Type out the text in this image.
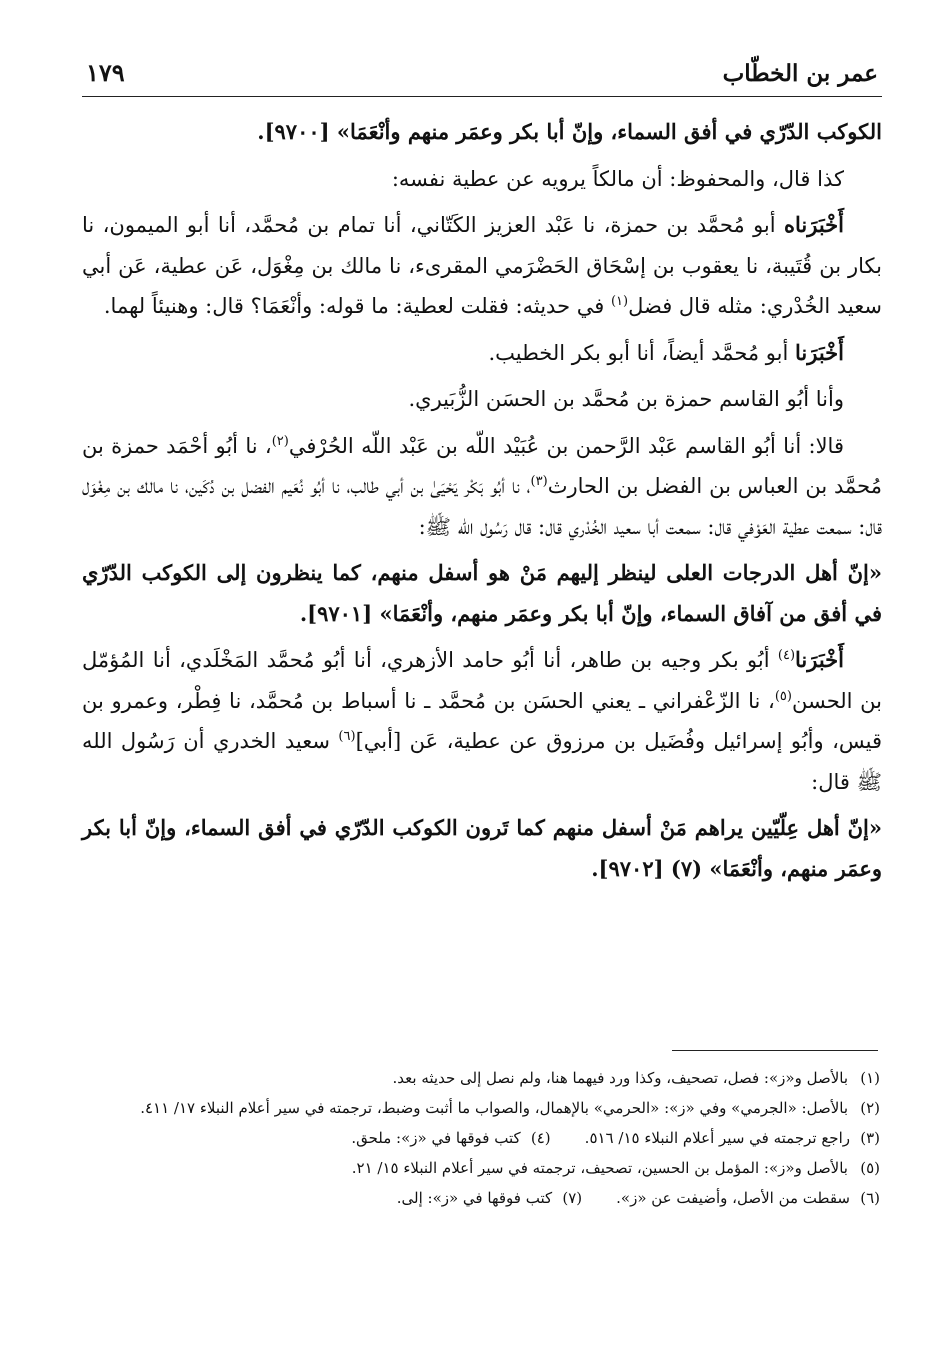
عمر بن الخطّاب
١٧٩

الكوكب الدّرّي في أفق السماء، وإنّ أبا بكر وعمَر منهم وأنْعَمَا» [٩٧٠٠].

كذا قال، والمحفوظ: أن مالكاً يرويه عن عطية نفسه:

أَخْبَرَناه أبو مُحمَّد بن حمزة، نا عَبْد العزيز الكَتّاني، أنا تمام بن مُحمَّد، أنا أبو الميمون، نا بكار بن قُتَيبة، نا يعقوب بن إسْحَاق الحَضْرَمي المقرىء، نا مالك بن مِغْوَل، عَن عطية، عَن أبي سعيد الخُدْري: مثله قال فضل$^{(١)}$ في حديثه: فقلت لعطية: ما قوله: وأنْعَمَا؟ قال: وهنيئاً لهما.

أَخْبَرَنا أبو مُحمَّد أيضاً، أنا أبو بكر الخطيب.

وأنا أبُو القاسم حمزة بن مُحمَّد بن الحسَن الزُّبَيري.

قالا: أنا أبُو القاسم عَبْد الرَّحمن بن عُبَيْد اللّه بن عَبْد اللّه الحُرْفي$^{(٢)}$، نا أبُو أحْمَد حمزة بن مُحمَّد بن العباس بن الفضل بن الحارث$^{(٣)}$، نا أبُو بَكْر يَحْيَىٰ بن أبي طالب، نا أبُو نُعَيم الفضل بن دُكَين، نا مالك بن مِغْوَل قال: سمعت عطية العَوْفي قال: سمعت أبا سعيد الخُدْري قال: قال رَسُول الله ﷺ:

«إنّ أهل الدرجات العلى لينظر إليهم مَنْ هو أسفل منهم، كما ينظرون إلى الكوكب الدّرّي في أفق من آفاق السماء، وإنّ أبا بكر وعمَر منهم، وأنْعَمَا» [٩٧٠١].

أَخْبَرَنا$^{(٤)}$ أبُو بكر وجيه بن طاهر، أنا أبُو حامد الأزهري، أنا أبُو مُحمَّد المَخْلَدي، أنا المُؤمّل بن الحسن$^{(٥)}$، نا الزّعْفراني ـ يعني الحسَن بن مُحمَّد ـ نا أسباط بن مُحمَّد، نا فِطْر، وعمرو بن قيس، وأبُو إسرائيل وفُضَيل بن مرزوق عن عطية، عَن [أبي]$^{(٦)}$ سعيد الخدري أن رَسُول الله ﷺ قال:

«إنّ أهل عِلّيّين يراهم مَنْ أسفل منهم كما تَرون الكوكب الدّرّي في أفق السماء، وإنّ أبا بكر وعمَر منهم، وأنْعَمَا» (٧) [٩٧٠٢].

(١)
بالأصل و«ز»: فصل، تصحيف، وكذا ورد فيهما هنا، ولم نصل إلى حديثه بعد.
(٢)
بالأصل: «الجرمي» وفي «ز»: «الحرمي» بالإهمال، والصواب ما أثبت وضبط، ترجمته في سير أعلام النبلاء ١٧/ ٤١١.
(٣)راجع ترجمته في سير أعلام النبلاء ١٥/ ٥١٦.
(٤)كتب فوقها في «ز»: ملحق.
(٥)
بالأصل و«ز»: المؤمل بن الحسين، تصحيف، ترجمته في سير أعلام النبلاء ١٥/ ٢١.
(٦)سقطت من الأصل، وأضيفت عن «ز».
(٧)كتب فوقها في «ز»: إلى.
